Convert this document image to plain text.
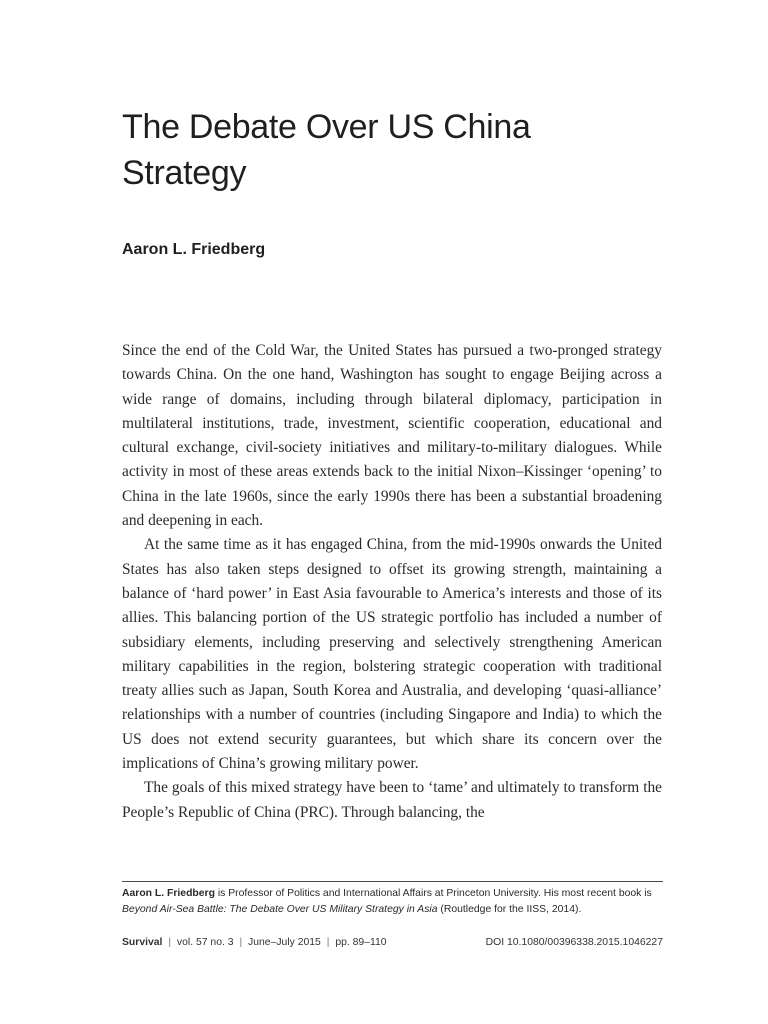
The Debate Over US China Strategy

Aaron L. Friedberg

Since the end of the Cold War, the United States has pursued a two-pronged strategy towards China. On the one hand, Washington has sought to engage Beijing across a wide range of domains, including through bilateral diplomacy, participation in multilateral institutions, trade, investment, scientific cooperation, educational and cultural exchange, civil-society initiatives and military-to-military dialogues. While activity in most of these areas extends back to the initial Nixon–Kissinger ‘opening’ to China in the late 1960s, since the early 1990s there has been a substantial broadening and deepening in each.

At the same time as it has engaged China, from the mid-1990s onwards the United States has also taken steps designed to offset its growing strength, maintaining a balance of ‘hard power’ in East Asia favourable to America’s interests and those of its allies. This balancing portion of the US strategic portfolio has included a number of subsidiary elements, including preserving and selectively strengthening American military capabilities in the region, bolstering strategic cooperation with traditional treaty allies such as Japan, South Korea and Australia, and developing ‘quasi-alliance’ relationships with a number of countries (including Singapore and India) to which the US does not extend security guarantees, but which share its concern over the implications of China’s growing military power.

The goals of this mixed strategy have been to ‘tame’ and ultimately to transform the People’s Republic of China (PRC). Through balancing, the

Aaron L. Friedberg is Professor of Politics and International Affairs at Princeton University. His most recent book is Beyond Air-Sea Battle: The Debate Over US Military Strategy in Asia (Routledge for the IISS, 2014).
Survival | vol. 57 no. 3 | June–July 2015 | pp. 89–110	DOI 10.1080/00396338.2015.1046227
